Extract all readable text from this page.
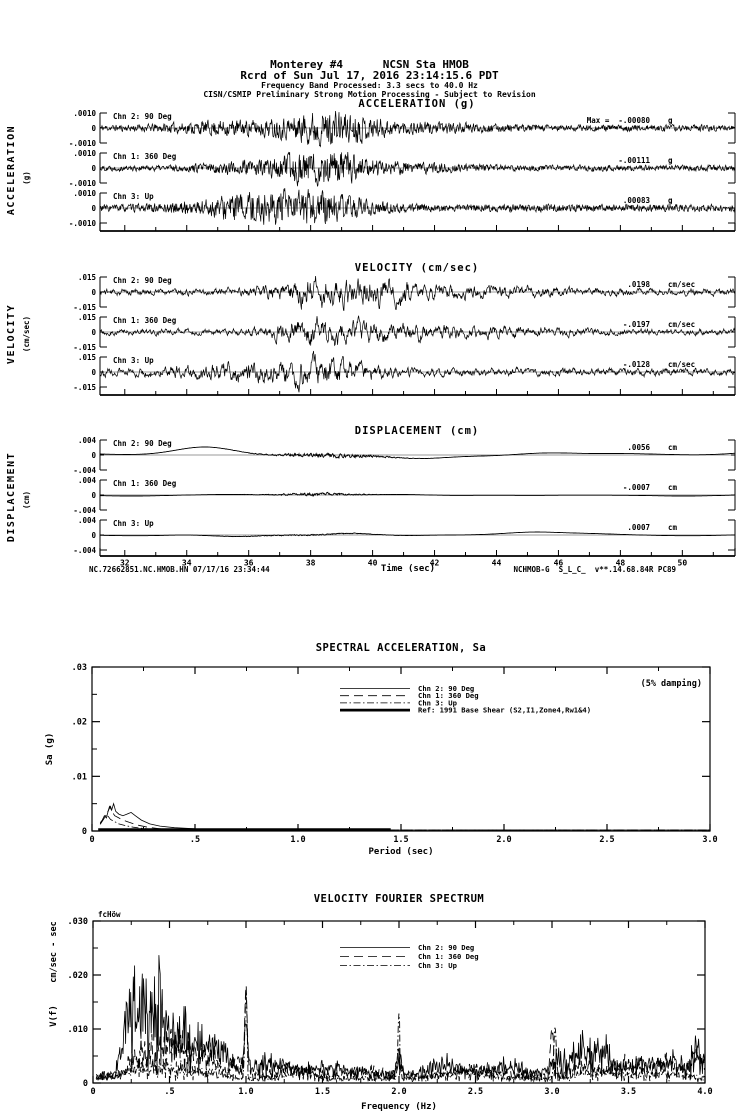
Monterey #4      NCSN Sta HMOB
Rcrd of Sun Jul 17, 2016 23:14:15.6 PDT
Frequency Band Processed: 3.3 secs to 40.0 Hz
CISN/CSMIP Preliminary Strong Motion Processing - Subject to Revision
ACCELERATION (g)
VELOCITY (cm/sec)
DISPLACEMENT (cm)
ACCELERATION (g)
VELOCITY (cm/sec)
DISPLACEMENT (cm)
NC.72662851.NC.HMOB.HN 07/17/16 23:34:44	Time (sec)	NCHMOB-G  S_L_C_  v**.14.68.84R PC89
SPECTRAL ACCELERATION, Sa
(5% damping)
Period (sec)
Sa (g)
VELOCITY FOURIER SPECTRUM
fcHöw
Frequency (Hz)
cm/sec - sec
V(f)
.0010
0
-.0010
Chn 2: 90 Deg	Max =  -.00080 g
.0010
0
-.0010
Chn 1: 360 Deg	-.00111 g
.0010
0
-.0010
Chn 3: Up	.00083 g
.015
0
-.015
Chn 2: 90 Deg	.0198 cm/sec
.015
0
-.015
Chn 1: 360 Deg	-.0197 cm/sec
.015
0
-.015
Chn 3: Up	-.0128 cm/sec
32	34	36	38	40	42	44	46	48	50
.004
0
-.004
Chn 2: 90 Deg	.0056 cm
.004
0
-.004
Chn 1: 360 Deg	-.0007 cm
.004
0
-.004
Chn 3: Up	.0007 cm
.03
.02
.01
0
0	.5	1.0	1.5	2.0	2.5	3.0
Chn 2: 90 Deg
Chn 1: 360 Deg
Chn 3: Up
Ref: 1991 Base Shear (S2,I1,Zone4,Rw1&4)
.030
.020
.010
0
0	.5	1.0	1.5	2.0	2.5	3.0	3.5	4.0
Chn 2: 90 Deg
Chn 1: 360 Deg
Chn 3: Up
